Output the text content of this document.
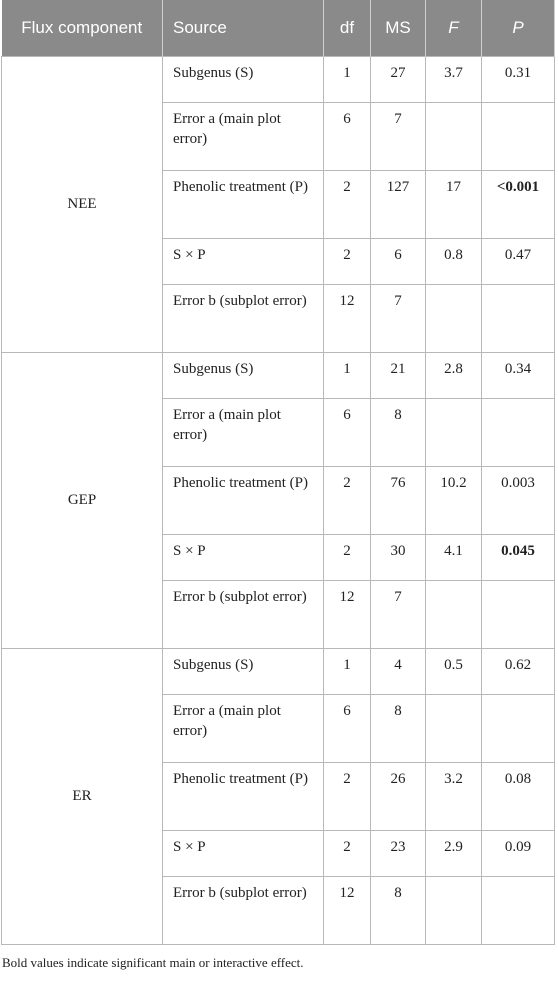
Flux component	Source	df	MS	F	P
NEE	Subgenus (S)	1	27	3.7	0.31
	Error a (main plot error)	6	7		
	Phenolic treatment (P)	2	127	17	<0.001
	S × P	2	6	0.8	0.47
	Error b (subplot error)	12	7		
GEP	Subgenus (S)	1	21	2.8	0.34
	Error a (main plot error)	6	8		
	Phenolic treatment (P)	2	76	10.2	0.003
	S × P	2	30	4.1	0.045
	Error b (subplot error)	12	7		
ER	Subgenus (S)	1	4	0.5	0.62
	Error a (main plot error)	6	8		
	Phenolic treatment (P)	2	26	3.2	0.08
	S × P	2	23	2.9	0.09
	Error b (subplot error)	12	8		

Bold values indicate significant main or interactive effect.
